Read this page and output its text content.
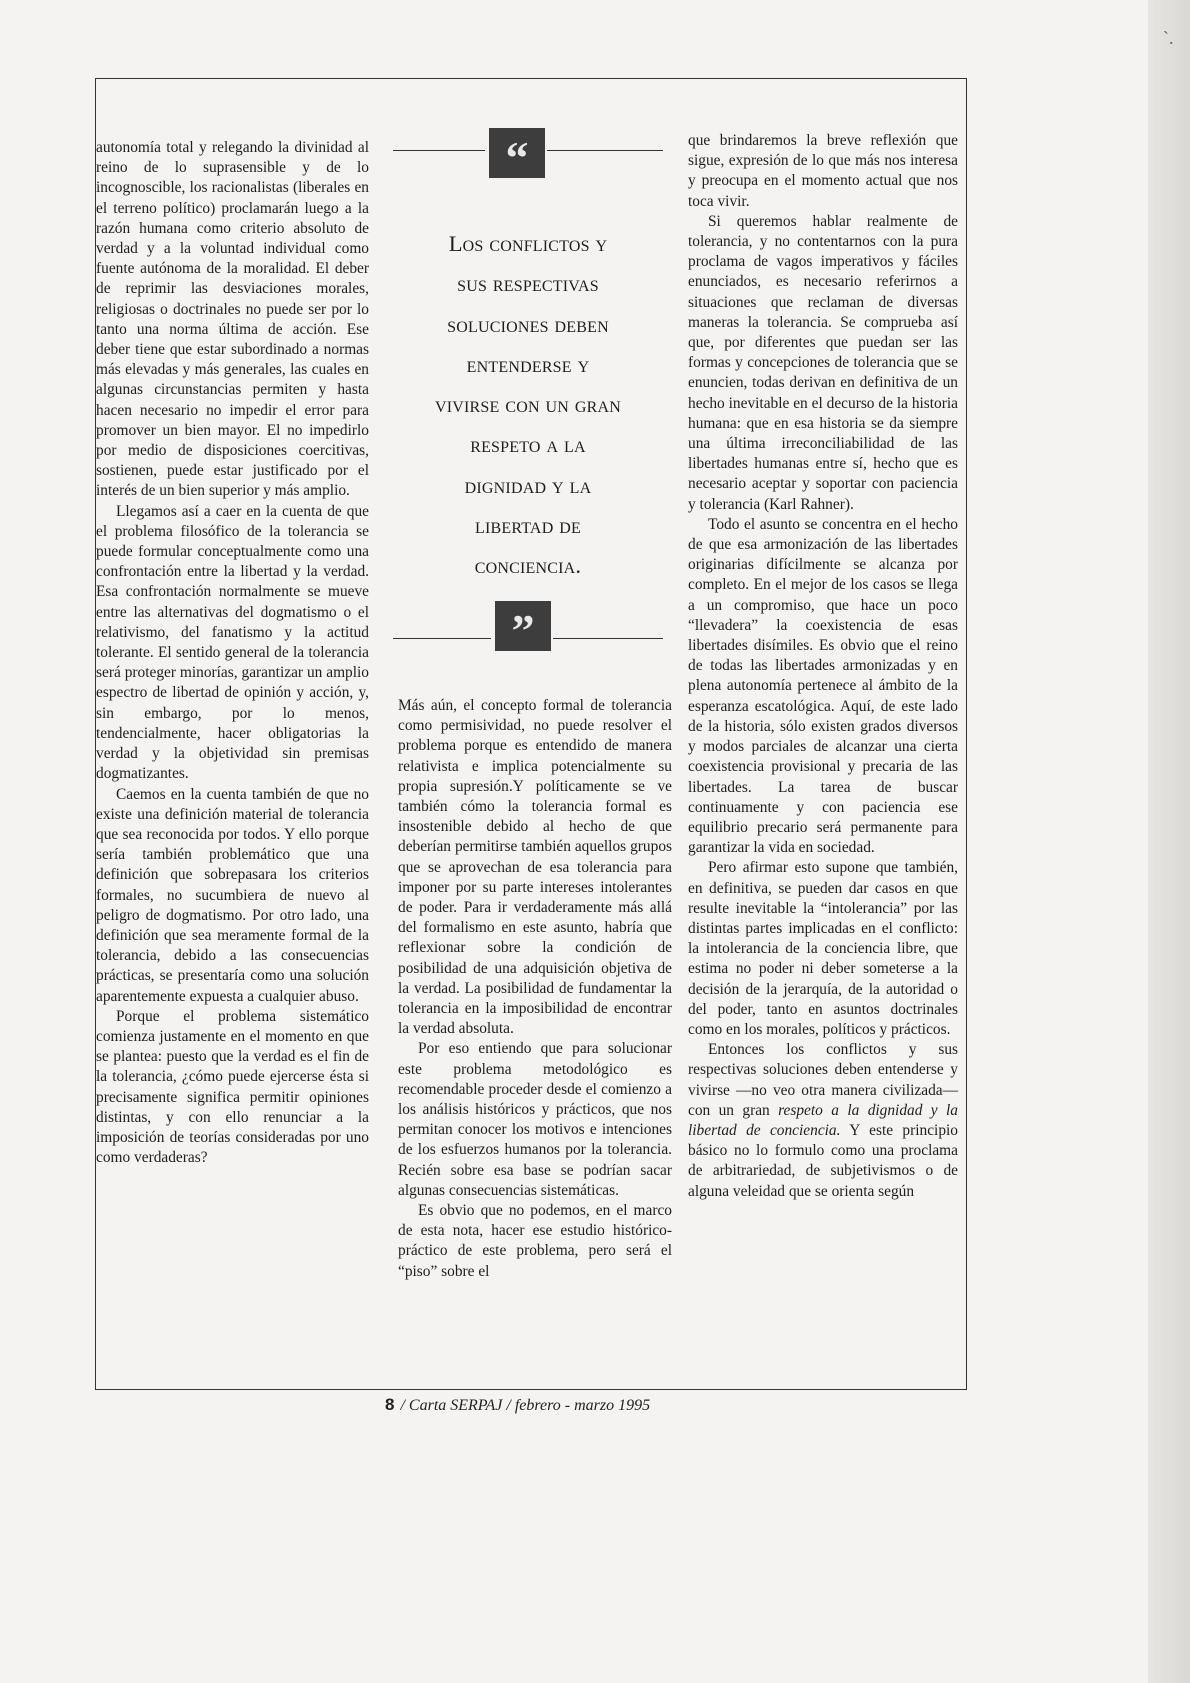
ˋ.

autonomía total y relegando la divinidad al reino de lo suprasensible y de lo incognoscible, los racionalistas (liberales en el terreno político) proclamarán luego a la razón humana como criterio absoluto de verdad y a la voluntad individual como fuente autónoma de la moralidad. El deber de reprimir las desviaciones morales, religiosas o doctrinales no puede ser por lo tanto una norma última de acción. Ese deber tiene que estar subordinado a normas más elevadas y más generales, las cuales en algunas circunstancias permiten y hasta hacen necesario no impedir el error para promover un bien mayor. El no impedirlo por medio de disposiciones coercitivas, sostienen, puede estar justificado por el interés de un bien superior y más amplio.

Llegamos así a caer en la cuenta de que el problema filosófico de la tolerancia se puede formular conceptualmente como una confrontación entre la libertad y la verdad. Esa confrontación normalmente se mueve entre las alternativas del dogmatismo o el relativismo, del fanatismo y la actitud tolerante. El sentido general de la tolerancia será proteger minorías, garantizar un amplio espectro de libertad de opinión y acción, y, sin embargo, por lo menos, tendencialmente, hacer obligatorias la verdad y la objetividad sin premisas dogmatizantes.

Caemos en la cuenta también de que no existe una definición material de tolerancia que sea reconocida por todos. Y ello porque sería también problemático que una definición que sobrepasara los criterios formales, no sucumbiera de nuevo al peligro de dogmatismo. Por otro lado, una definición que sea meramente formal de la tolerancia, debido a las consecuencias prácticas, se presentaría como una solución aparentemente expuesta a cualquier abuso.

Porque el problema sistemático comienza justamente en el momento en que se plantea: puesto que la verdad es el fin de la tolerancia, ¿cómo puede ejercerse ésta si precisamente significa permitir opiniones distintas, y con ello renunciar a la imposición de teorías consideradas por uno como verdaderas?

“
Los conflictos y
sus respectivas
soluciones deben
entenderse y
vivirse con un gran
respeto a la
dignidad y la
libertad de
conciencia.
”

Más aún, el concepto formal de tolerancia como permisividad, no puede resolver el problema porque es entendido de manera relativista e implica potencialmente su propia supresión.Y políticamente se ve también cómo la tolerancia formal es insostenible debido al hecho de que deberían permitirse también aquellos grupos que se aprovechan de esa tolerancia para imponer por su parte intereses intolerantes de poder. Para ir verdaderamente más allá del formalismo en este asunto, habría que reflexionar sobre la condición de posibilidad de una adquisición objetiva de la verdad. La posibilidad de fundamentar la tolerancia en la imposibilidad de encontrar la verdad absoluta.

Por eso entiendo que para solucionar este problema metodológico es recomendable proceder desde el comienzo a los análisis históricos y prácticos, que nos permitan conocer los motivos e intenciones de los esfuerzos humanos por la tolerancia. Recién sobre esa base se podrían sacar algunas consecuencias sistemáticas.

Es obvio que no podemos, en el marco de esta nota, hacer ese estudio histórico-práctico de este problema, pero será el “piso” sobre el

que brindaremos la breve reflexión que sigue, expresión de lo que más nos interesa y preocupa en el momento actual que nos toca vivir.

Si queremos hablar realmente de tolerancia, y no contentarnos con la pura proclama de vagos imperativos y fáciles enunciados, es necesario referirnos a situaciones que reclaman de diversas maneras la tolerancia. Se comprueba así que, por diferentes que puedan ser las formas y concepciones de tolerancia que se enuncien, todas derivan en definitiva de un hecho inevitable en el decurso de la historia humana: que en esa historia se da siempre una última irreconciliabilidad de las libertades humanas entre sí, hecho que es necesario aceptar y soportar con paciencia y tolerancia (Karl Rahner).

Todo el asunto se concentra en el hecho de que esa armonización de las libertades originarias difícilmente se alcanza por completo. En el mejor de los casos se llega a un compromiso, que hace un poco “llevadera” la coexistencia de esas libertades disímiles. Es obvio que el reino de todas las libertades armonizadas y en plena autonomía pertenece al ámbito de la esperanza escatológica. Aquí, de este lado de la historia, sólo existen grados diversos y modos parciales de alcanzar una cierta coexistencia provisional y precaria de las libertades. La tarea de buscar continuamente y con paciencia ese equilibrio precario será permanente para garantizar la vida en sociedad.

Pero afirmar esto supone que también, en definitiva, se pueden dar casos en que resulte inevitable la “intolerancia” por las distintas partes implicadas en el conflicto: la intolerancia de la conciencia libre, que estima no poder ni deber someterse a la decisión de la jerarquía, de la autoridad o del poder, tanto en asuntos doctrinales como en los morales, políticos y prácticos.

Entonces los conflictos y sus respectivas soluciones deben entenderse y vivirse —no veo otra manera civilizada— con un gran respeto a la dignidad y la libertad de conciencia. Y este principio básico no lo formulo como una proclama de arbitrariedad, de subjetivismos o de alguna veleidad que se orienta según

8 / Carta SERPAJ / febrero - marzo 1995
